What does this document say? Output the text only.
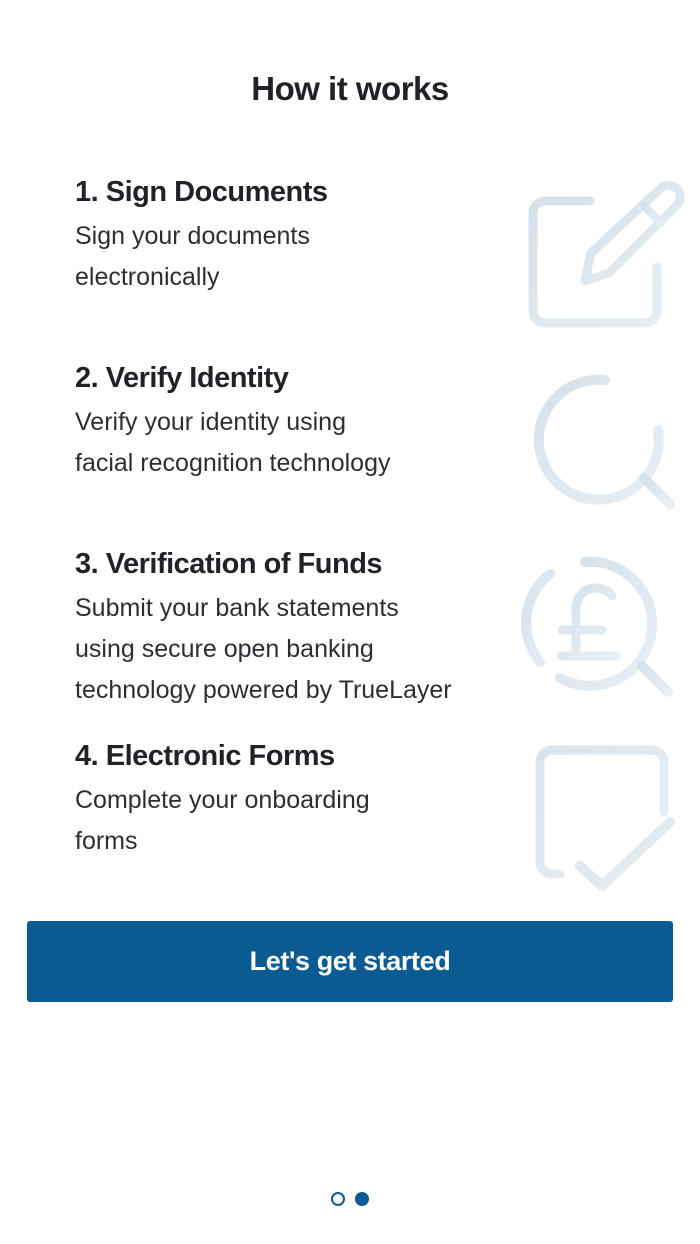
How it works
1. Sign Documents
Sign your documents
electronically
2. Verify Identity
Verify your identity using
facial recognition technology
3. Verification of Funds
Submit your bank statements
using secure open banking
technology powered by TrueLayer
4. Electronic Forms
Complete your onboarding
forms
Let's get started
